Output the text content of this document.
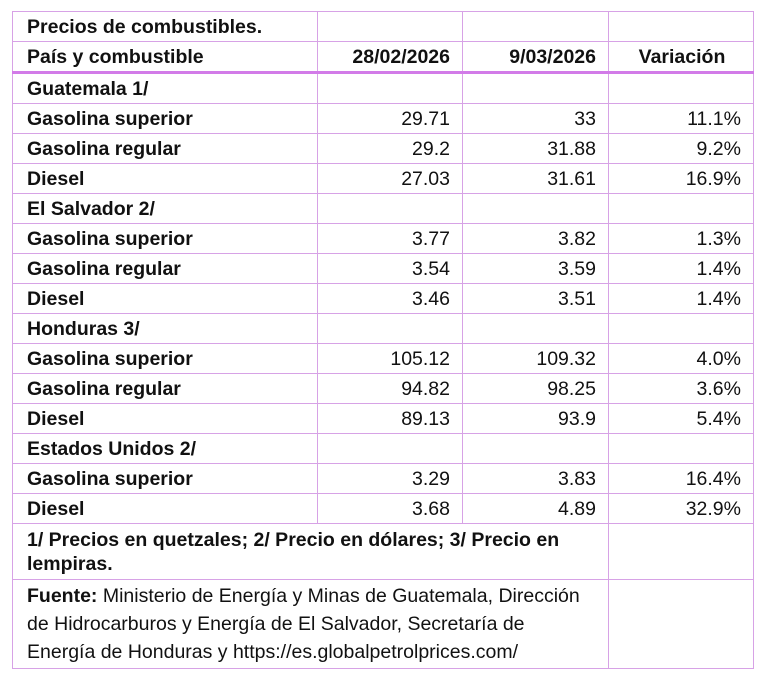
Precios de combustibles.			
País y combustible	28/02/2026	9/03/2026	Variación
Guatemala 1/			
Gasolina superior	29.71	33	11.1%
Gasolina regular	29.2	31.88	9.2%
Diesel	27.03	31.61	16.9%
El Salvador 2/			
Gasolina superior	3.77	3.82	1.3%
Gasolina regular	3.54	3.59	1.4%
Diesel	3.46	3.51	1.4%
Honduras 3/			
Gasolina superior	105.12	109.32	4.0%
Gasolina regular	94.82	98.25	3.6%
Diesel	89.13	93.9	5.4%
Estados Unidos 2/			
Gasolina superior	3.29	3.83	16.4%
Diesel	3.68	4.89	32.9%
1/ Precios en quetzales; 2/ Precio en dólares; 3/ Precio en lempiras.			
Fuente: Ministerio de Energía y Minas de Guatemala, Dirección de Hidrocarburos y Energía de El Salvador, Secretaría de Energía de Honduras y https://es.globalpetrolprices.com/			
